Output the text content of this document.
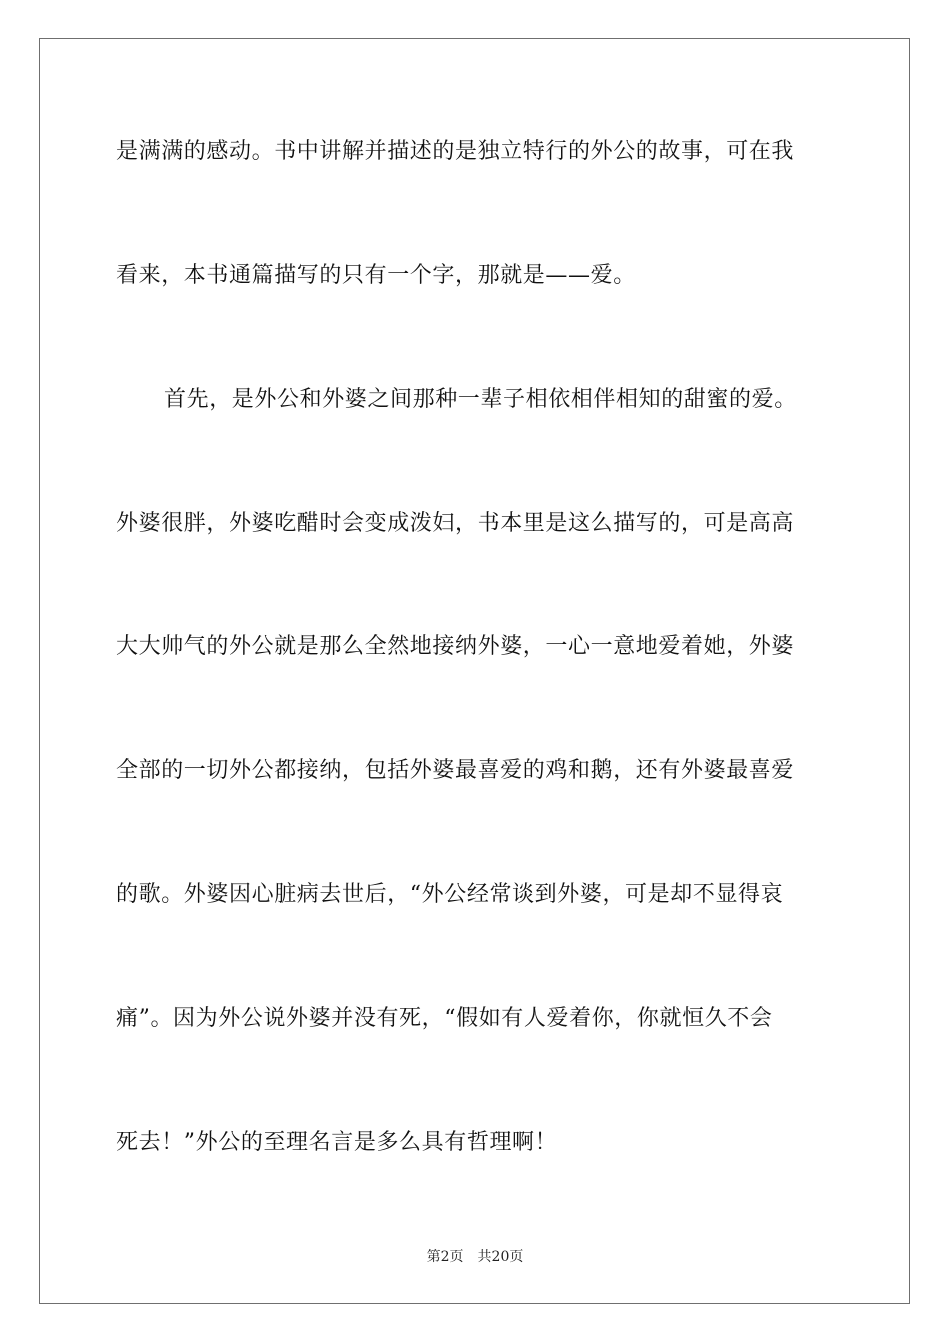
是满满的感动。书中讲解并描述的是独立特行的外公的故事，可在我
看来，本书通篇描写的只有一个字，那就是——爱。
首先，是外公和外婆之间那种一辈子相依相伴相知的甜蜜的爱。
外婆很胖，外婆吃醋时会变成泼妇，书本里是这么描写的，可是高高
大大帅气的外公就是那么全然地接纳外婆，一心一意地爱着她，外婆
全部的一切外公都接纳，包括外婆最喜爱的鸡和鹅，还有外婆最喜爱
的歌。外婆因心脏病去世后，“外公经常谈到外婆，可是却不显得哀
痛”。因为外公说外婆并没有死，“假如有人爱着你，你就恒久不会
死去！”外公的至理名言是多么具有哲理啊！
第2页 共20页
